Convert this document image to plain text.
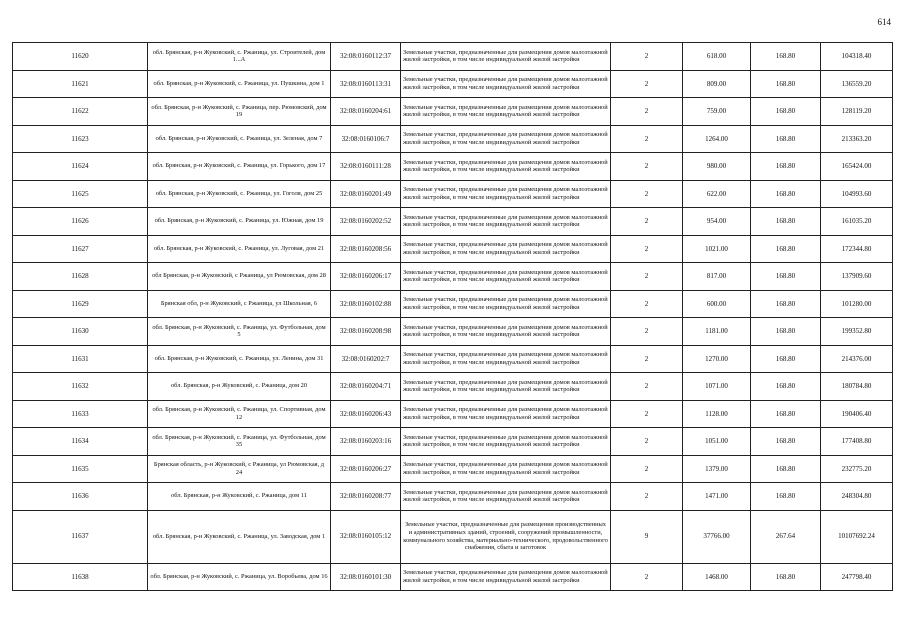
614
11620	обл. Брянская, р-н Жуковский, с. Ржаница, ул. Строителей, дом 1...А	32:08:0160112:37	Земельные участки, предназначенные для размещения домов малоэтажной жилой застройки, в том числе индивидуальной жилой застройки	2	618.00	168.80	104318.40
11621	обл. Брянская, р-н Жуковский, с. Ржаница, ул. Пушкина, дом 1	32:08:0160113:31	Земельные участки, предназначенные для размещения домов малоэтажной жилой застройки, в том числе индивидуальной жилой застройки	2	809.00	168.80	136559.20
11622	обл. Брянская, р-н Жуковский, с. Ржаница, пер. Рюмовский, дом 19	32:08:0160204:61	Земельные участки, предназначенные для размещения домов малоэтажной жилой застройки, в том числе индивидуальной жилой застройки	2	759.00	168.80	128119.20
11623	обл. Брянская, р-н Жуковский, с. Ржаница, ул. Зеленая, дом 7	32:08:0160106:7	Земельные участки, предназначенные для размещения домов малоэтажной жилой застройки, в том числе индивидуальной жилой застройки	2	1264.00	168.80	213363.20
11624	обл. Брянская, р-н Жуковский, с. Ржаница, ул. Горького, дом 17	32:08:0160111:28	Земельные участки, предназначенные для размещения домов малоэтажной жилой застройки, в том числе индивидуальной жилой застройки	2	980.00	168.80	165424.00
11625	обл. Брянская, р-н Жуковский, с. Ржаница, ул. Гоголя, дом 25	32:08:0160201:49	Земельные участки, предназначенные для размещения домов малоэтажной жилой застройки, в том числе индивидуальной жилой застройки	2	622.00	168.80	104993.60
11626	обл. Брянская, р-н Жуковский, с. Ржаница, ул. Южная, дом 19	32:08:0160202:52	Земельные участки, предназначенные для размещения домов малоэтажной жилой застройки, в том числе индивидуальной жилой застройки	2	954.00	168.80	161035.20
11627	обл. Брянская, р-н Жуковский, с. Ржаница, ул. Луговая, дом 21	32:08:0160208:56	Земельные участки, предназначенные для размещения домов малоэтажной жилой застройки, в том числе индивидуальной жилой застройки	2	1021.00	168.80	172344.80
11628	обл Брянская, р-н Жуковский, с Ржаница, ул Рюмовская, дом 28	32:08:0160206:17	Земельные участки, предназначенные для размещения домов малоэтажной жилой застройки, в том числе индивидуальной жилой застройки	2	817.00	168.80	137909.60
11629	Брянская обл, р-н Жуковский, с Ржаница, ул Школьная, 6	32:08:0160102:88	Земельные участки, предназначенные для размещения домов малоэтажной жилой застройки, в том числе индивидуальной жилой застройки	2	600.00	168.80	101280.00
11630	обл. Брянская, р-н Жуковский, с. Ржаница, ул. Футбольная, дом 5	32:08:0160208:98	Земельные участки, предназначенные для размещения домов малоэтажной жилой застройки, в том числе индивидуальной жилой застройки	2	1181.00	168.80	199352.80
11631	обл. Брянская, р-н Жуковский, с. Ржаница, ул. Ленина, дом 31	32:08:0160202:7	Земельные участки, предназначенные для размещения домов малоэтажной жилой застройки, в том числе индивидуальной жилой застройки	2	1270.00	168.80	214376.00
11632	обл. Брянская, р-н Жуковский, с. Ржаница, дом 20	32:08:0160204:71	Земельные участки, предназначенные для размещения домов малоэтажной жилой застройки, в том числе индивидуальной жилой застройки	2	1071.00	168.80	180784.80
11633	обл. Брянская, р-н Жуковский, с. Ржаница, ул. Спортивная, дом 12	32:08:0160206:43	Земельные участки, предназначенные для размещения домов малоэтажной жилой застройки, в том числе индивидуальной жилой застройки	2	1128.00	168.80	190406.40
11634	обл. Брянская, р-н Жуковский, с. Ржаница, ул. Футбольная, дом 35	32:08:0160203:16	Земельные участки, предназначенные для размещения домов малоэтажной жилой застройки, в том числе индивидуальной жилой застройки	2	1051.00	168.80	177408.80
11635	Брянская область, р-н Жуковский, с Ржаница, ул Рюмовская, д 24	32:08:0160206:27	Земельные участки, предназначенные для размещения домов малоэтажной жилой застройки, в том числе индивидуальной жилой застройки	2	1379.00	168.80	232775.20
11636	обл. Брянская, р-н Жуковский, с. Ржаница, дом 11	32:08:0160208:77	Земельные участки, предназначенные для размещения домов малоэтажной жилой застройки, в том числе индивидуальной жилой застройки	2	1471.00	168.80	248304.80
11637	обл. Брянская, р-н Жуковский, с. Ржаница, ул. Заводская, дом 1	32:08:0160105:12	Земельные участки, предназначенные для размещения производственных и административных зданий, строений, сооружений промышленности, коммунального хозяйства, материально-технического, продовольственного снабжения, сбыта и заготовок	9	37766.00	267.64	10107692.24
11638	обл. Брянская, р-н Жуковский, с. Ржаница, ул. Воробьева, дом 16	32:08:0160101:30	Земельные участки, предназначенные для размещения домов малоэтажной жилой застройки, в том числе индивидуальной жилой застройки	2	1468.00	168.80	247798.40
